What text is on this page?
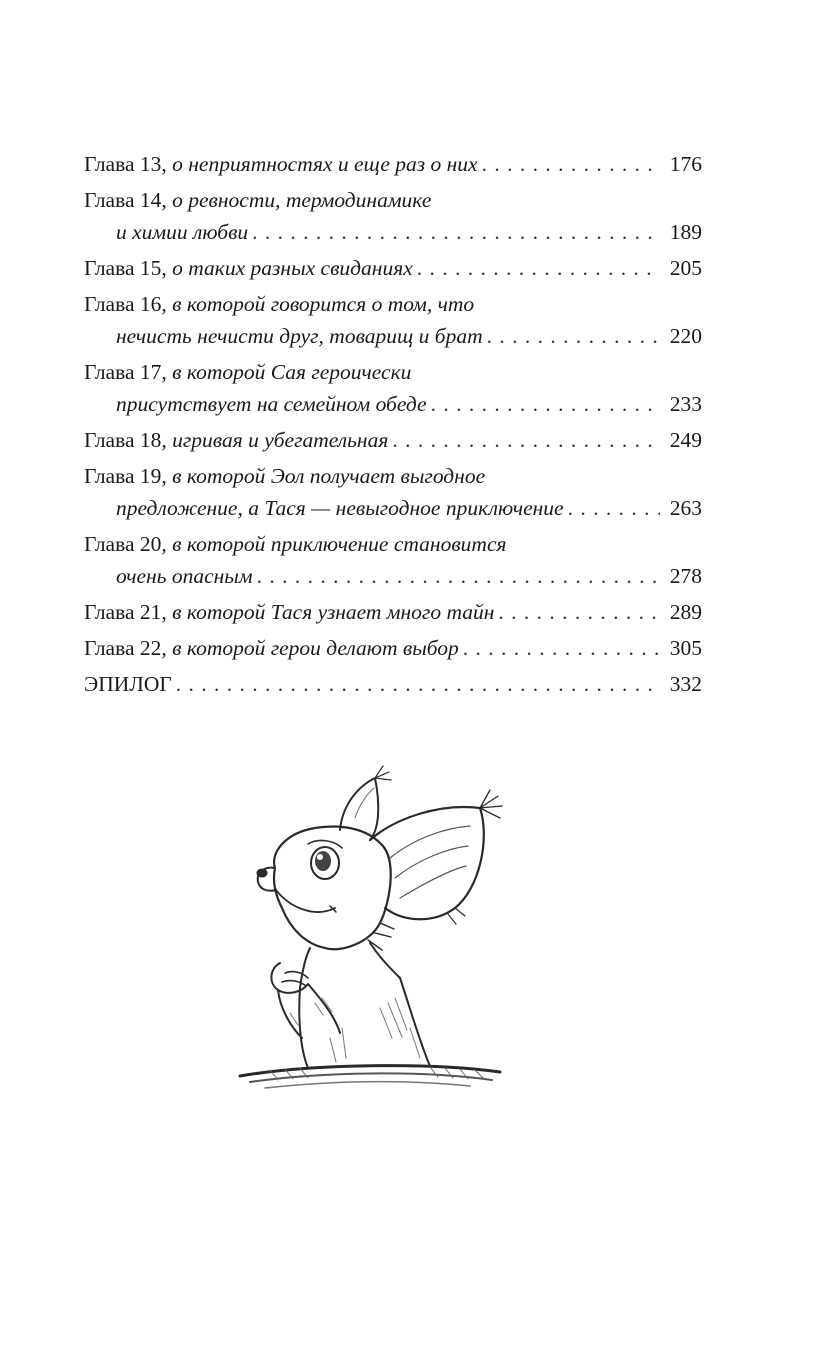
Глава 13,
о неприятностях и еще раз о них . . .	176
Глава 14,
о ревности, термодинамике
и химии любви . . .	189
Глава 15,
о таких разных свиданиях . . .	205
Глава 16,
в которой говорится о том, что
нечисть нечисти друг, товарищ и брат . . .	220
Глава 17,
в которой Сая героически
присутствует на семейном обеде . . .	233
Глава 18,
игривая и убегательная . . .	249
Глава 19,
в которой Эол получает выгодное
предложение, а Тася — невыгодное приключение . . .	263
Глава 20,
в которой приключение становится
очень опасным . . .	278
Глава 21,
в которой Тася узнает много тайн . . .	289
Глава 22,
в которой герои делают выбор . . .	305
ЭПИЛОГ . . .	332
